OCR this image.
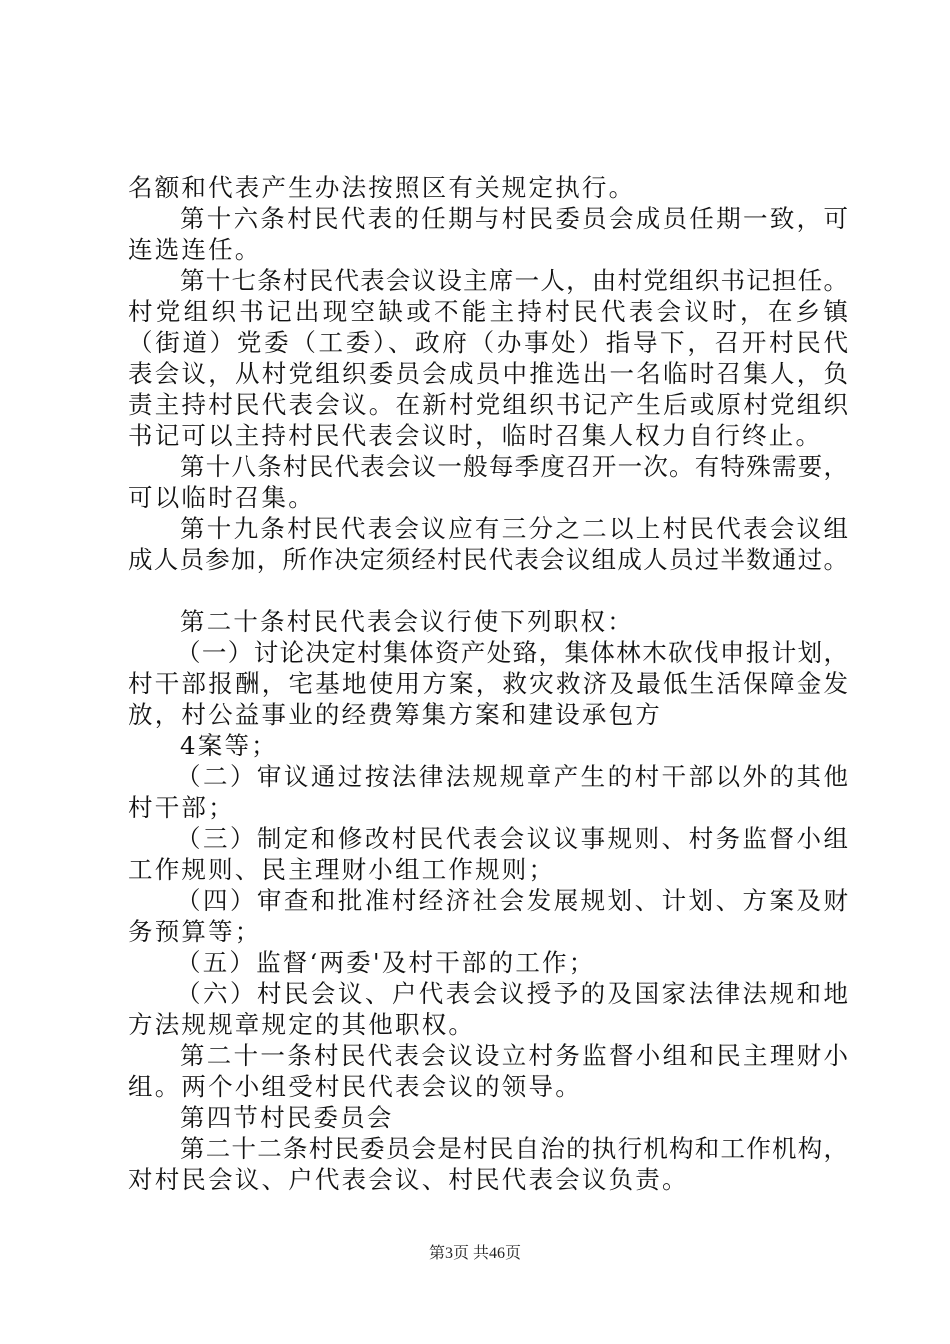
名额和代表产生办法按照区有关规定执行。
第十六条村民代表的任期与村民委员会成员任期一致，可
连选连任。
第十七条村民代表会议设主席一人，由村党组织书记担任。
村党组织书记出现空缺或不能主持村民代表会议时，在乡镇
（街道）党委（工委）、政府（办事处）指导下，召开村民代
表会议，从村党组织委员会成员中推选出一名临时召集人，负
责主持村民代表会议。在新村党组织书记产生后或原村党组织
书记可以主持村民代表会议时，临时召集人权力自行终止。
第十八条村民代表会议一般每季度召开一次。有特殊需要，
可以临时召集。
第十九条村民代表会议应有三分之二以上村民代表会议组
成人员参加，所作决定须经村民代表会议组成人员过半数通过。
第二十条村民代表会议行使下列职权：
（一）讨论决定村集体资产处臵，集体林木砍伐申报计划，
村干部报酬，宅基地使用方案，救灾救济及最低生活保障金发
放，村公益事业的经费筹集方案和建设承包方
4案等；
（二）审议通过按法律法规规章产生的村干部以外的其他
村干部；
（三）制定和修改村民代表会议议事规则、村务监督小组
工作规则、民主理财小组工作规则；
（四）审查和批准村经济社会发展规划、计划、方案及财
务预算等；
（五）监督‘两委'及村干部的工作；
（六）村民会议、户代表会议授予的及国家法律法规和地
方法规规章规定的其他职权。
第二十一条村民代表会议设立村务监督小组和民主理财小
组。两个小组受村民代表会议的领导。
第四节村民委员会
第二十二条村民委员会是村民自治的执行机构和工作机构，
对村民会议、户代表会议、村民代表会议负责。
第3页 共46页
